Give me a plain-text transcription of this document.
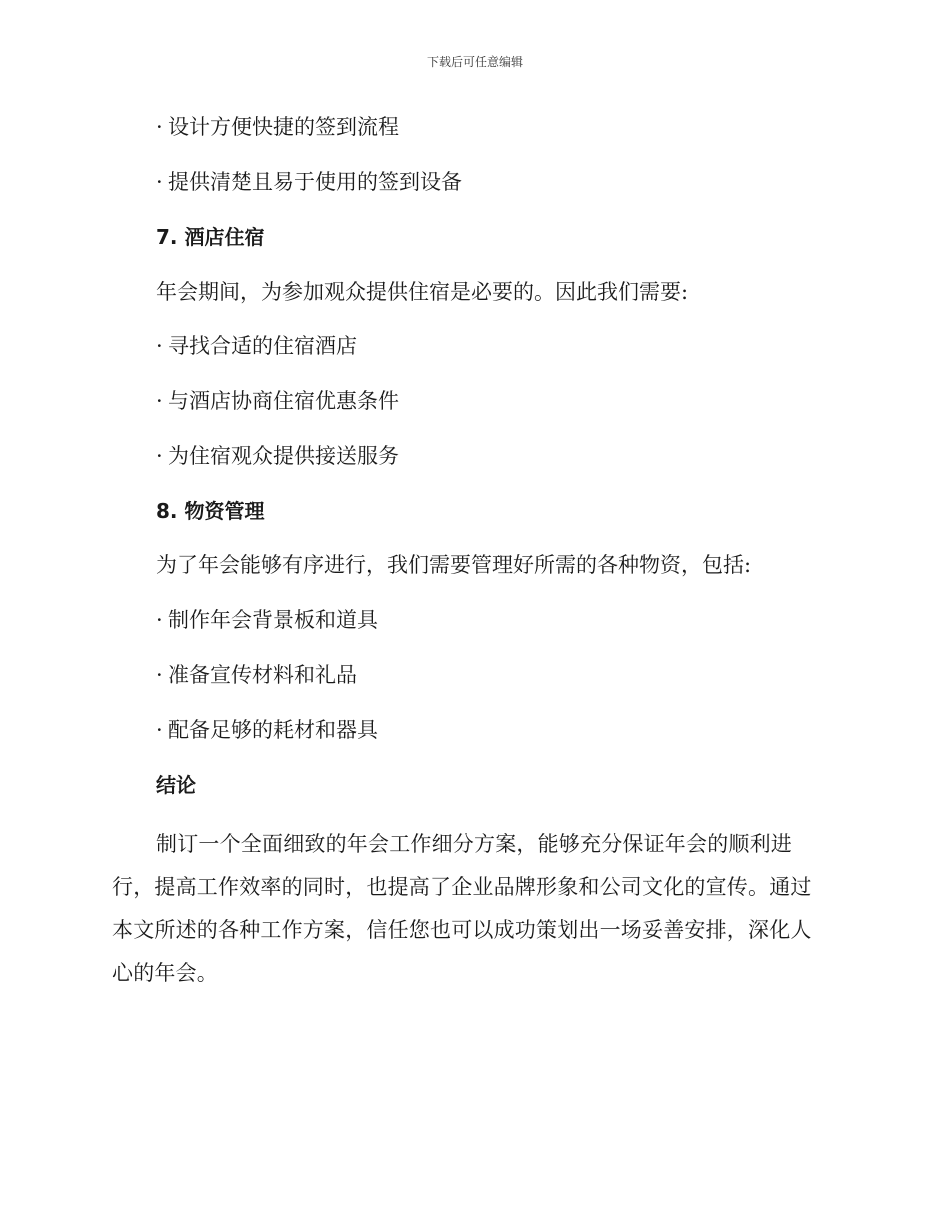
下载后可任意编辑
· 设计方便快捷的签到流程
· 提供清楚且易于使用的签到设备
7. 酒店住宿
年会期间，为参加观众提供住宿是必要的。因此我们需要:
· 寻找合适的住宿酒店
· 与酒店协商住宿优惠条件
· 为住宿观众提供接送服务
8. 物资管理
为了年会能够有序进行，我们需要管理好所需的各种物资，包括:
· 制作年会背景板和道具
· 准备宣传材料和礼品
· 配备足够的耗材和器具
结论
制订一个全面细致的年会工作细分方案，能够充分保证年会的顺利进行，提高工作效率的同时，也提高了企业品牌形象和公司文化的宣传。通过本文所述的各种工作方案，信任您也可以成功策划出一场妥善安排，深化人心的年会。
